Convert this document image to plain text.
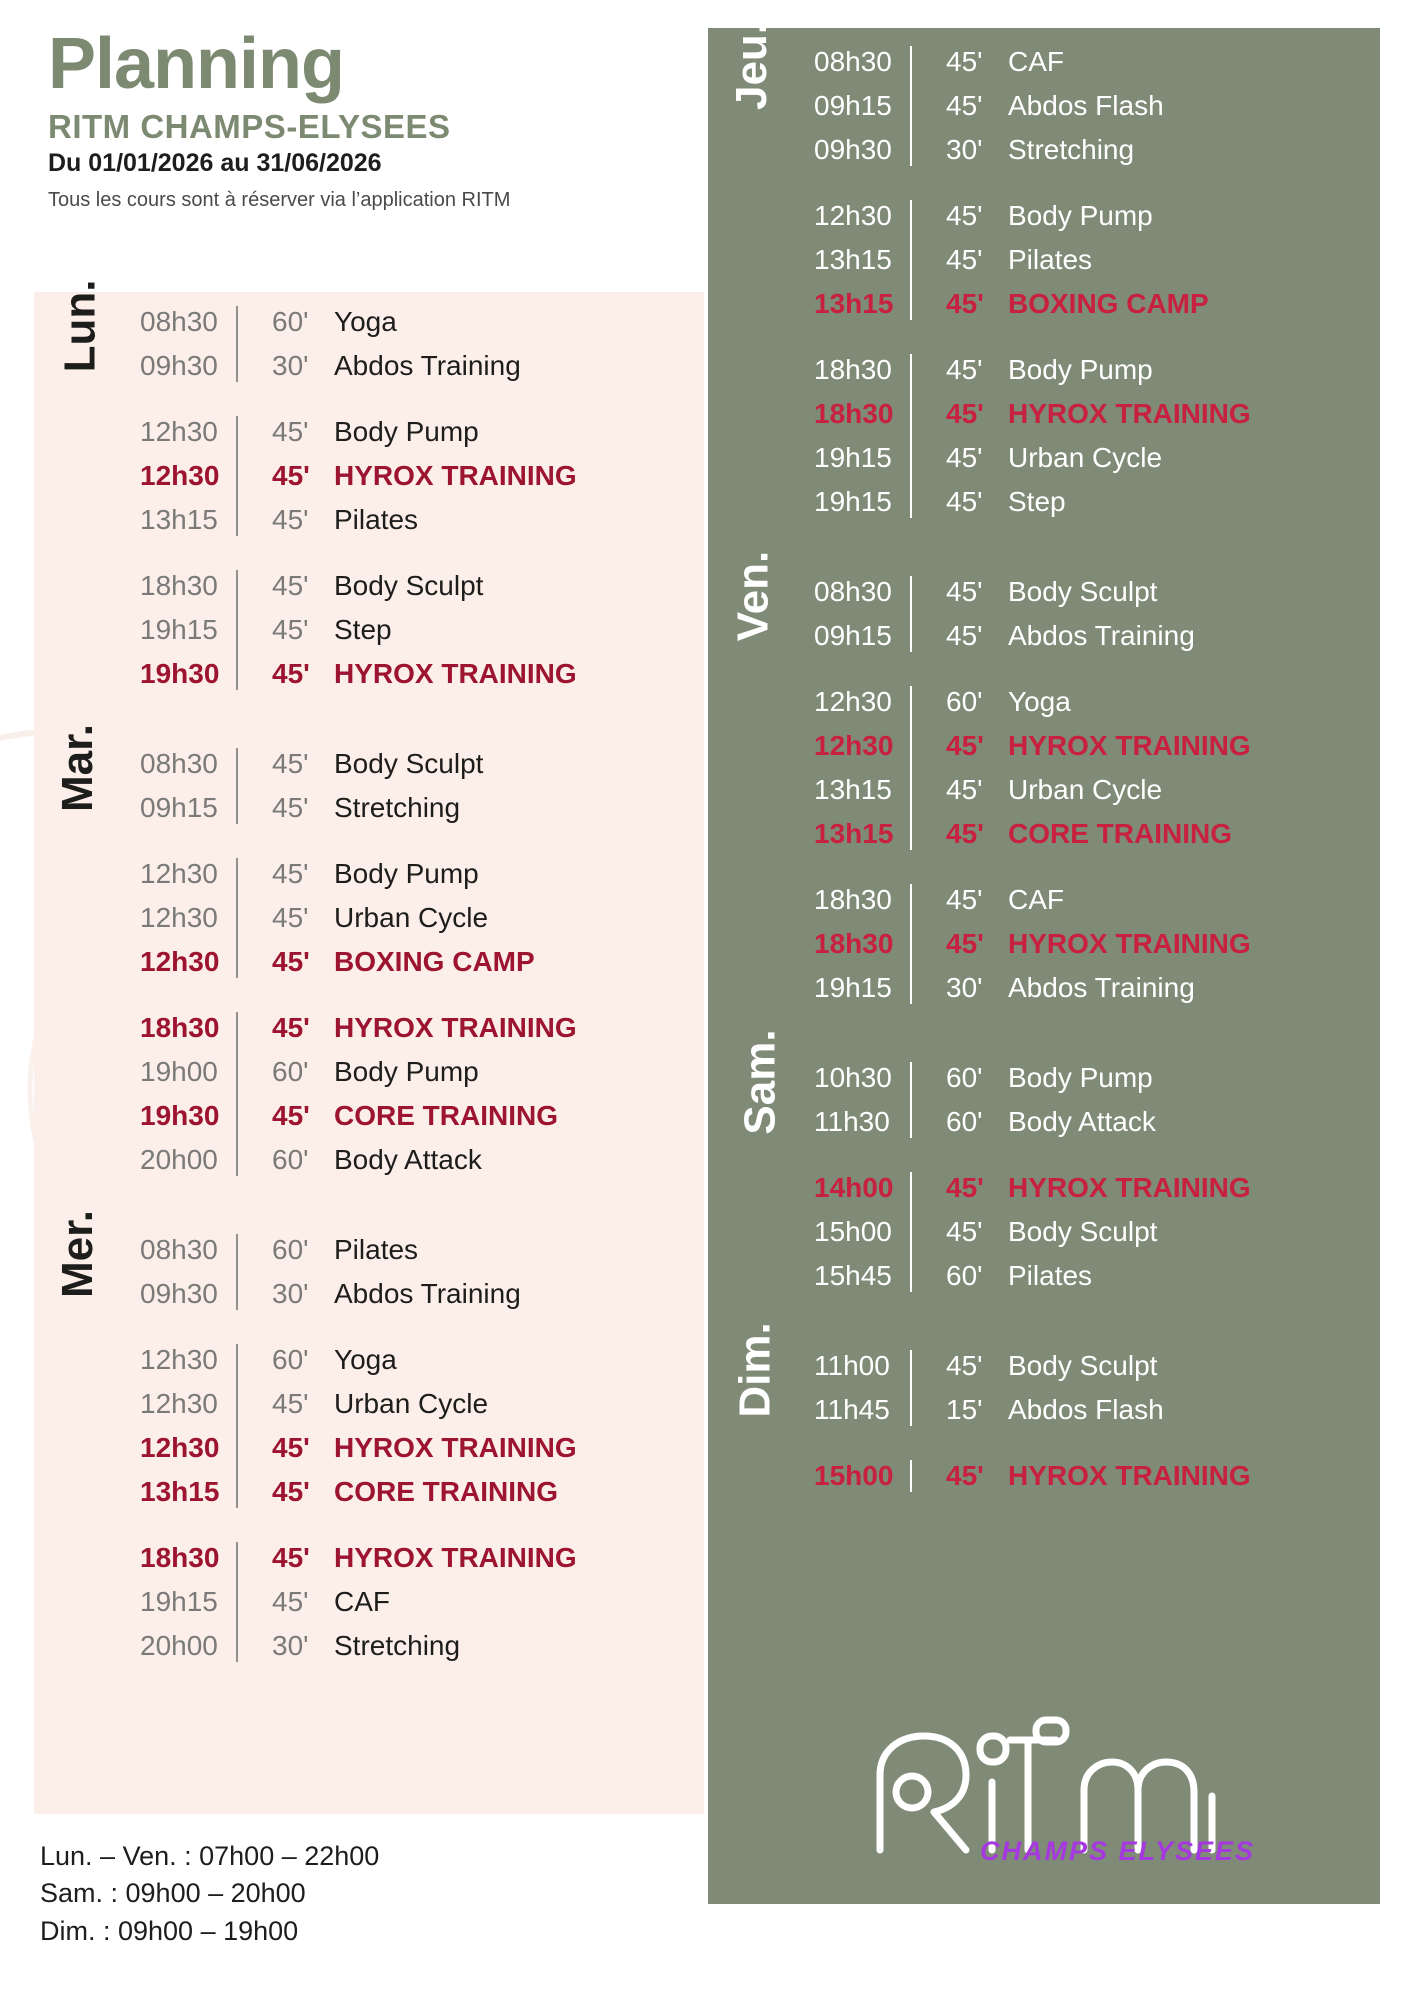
Planning
RITM CHAMPS-ELYSEES
Du 01/01/2026 au 31/06/2026
Tous les cours sont à réserver via l’application RITM
Lun.	08h30	60' Yoga
09h30	30' Abdos Training
12h30	45' Body Pump
12h30	45' HYROX TRAINING
13h15	45' Pilates
18h30	45' Body Sculpt
19h15	45' Step
19h30	45' HYROX TRAINING
Mar.	08h30	45' Body Sculpt
09h15	45' Stretching
12h30	45' Body Pump
12h30	45' Urban Cycle
12h30	45' BOXING CAMP
18h30	45' HYROX TRAINING
19h00	60' Body Pump
19h30	45' CORE TRAINING
20h00	60' Body Attack
Mer.	08h30	60' Pilates
09h30	30' Abdos Training
12h30	60' Yoga
12h30	45' Urban Cycle
12h30	45' HYROX TRAINING
13h15	45' CORE TRAINING
18h30	45' HYROX TRAINING
19h15	45' CAF
20h00	30' Stretching
Jeu.	08h30	45' CAF
09h15	45' Abdos Flash
09h30	30' Stretching
12h30	45' Body Pump
13h15	45' Pilates
13h15	45' BOXING CAMP
18h30	45' Body Pump
18h30	45' HYROX TRAINING
19h15	45' Urban Cycle
19h15	45' Step
Ven.	08h30	45' Body Sculpt
09h15	45' Abdos Training
12h30	60' Yoga
12h30	45' HYROX TRAINING
13h15	45' Urban Cycle
13h15	45' CORE TRAINING
18h30	45' CAF
18h30	45' HYROX TRAINING
19h15	30' Abdos Training
Sam.	10h30	60' Body Pump
11h30	60' Body Attack
14h00	45' HYROX TRAINING
15h00	45' Body Sculpt
15h45	60' Pilates
Dim.	11h00	45' Body Sculpt
11h45	15' Abdos Flash
15h00	45' HYROX TRAINING
Lun. – Ven. : 07h00 – 22h00
Sam. : 09h00 – 20h00
Dim. : 09h00 – 19h00
CHAMPS ELYSEES
